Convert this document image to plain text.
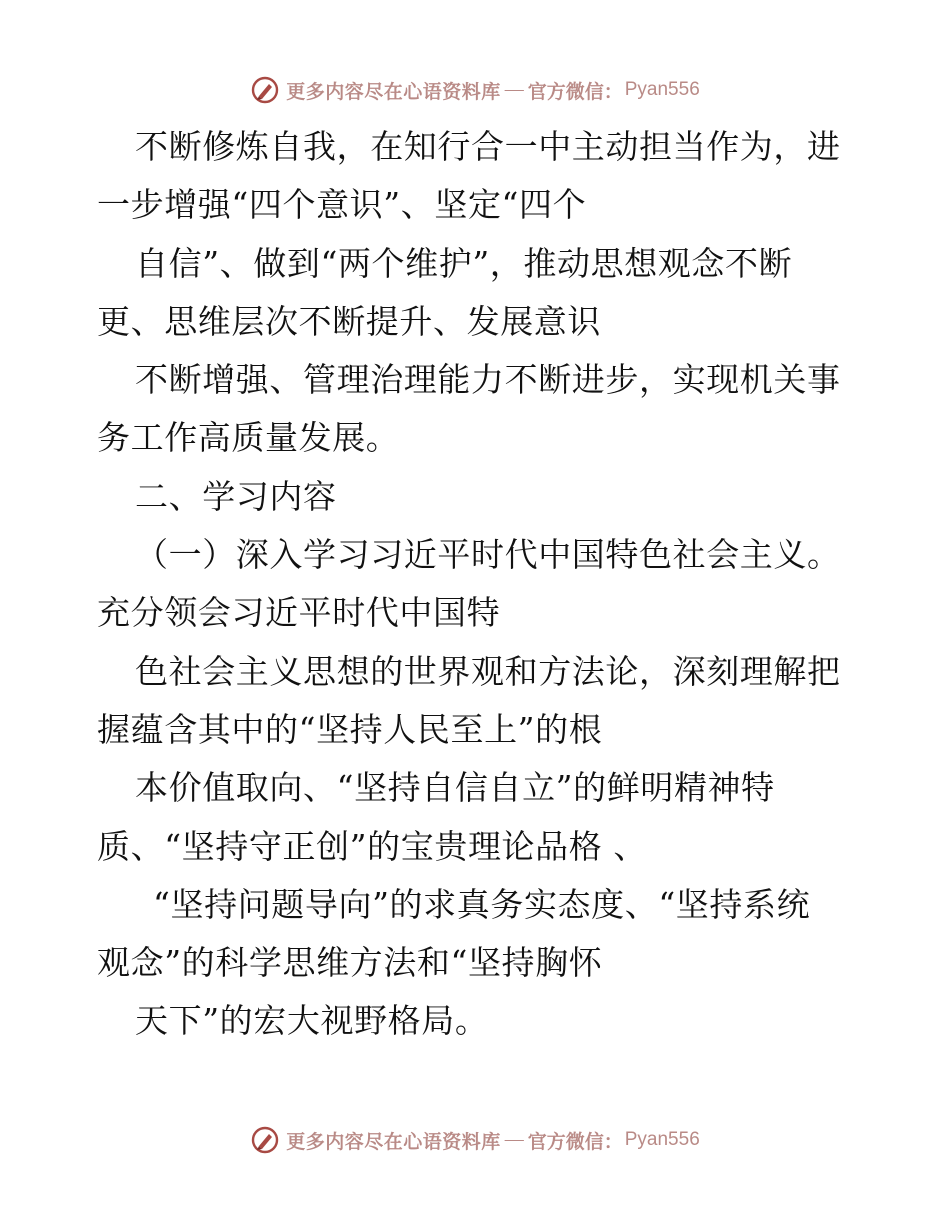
更多内容尽在心语资料库 — 官方微信： Pyan556
不断修炼自我，在知行合一中主动担当作为，进
一步增强“四个意识”、坚定“四个
自信”、做到“两个维护”，推动思想观念不断
更、思维层次不断提升、发展意识
不断增强、管理治理能力不断进步，实现机关事
务工作高质量发展。
二、学习内容
（一）深入学习习近平时代中国特色社会主义。
充分领会习近平时代中国特
色社会主义思想的世界观和方法论，深刻理解把
握蕴含其中的“坚持人民至上”的根
本价值取向、“坚持自信自立”的鲜明精神特
质、“坚持守正创”的宝贵理论品格 、
“坚持问题导向”的求真务实态度、“坚持系统
观念”的科学思维方法和“坚持胸怀
天下”的宏大视野格局。
更多内容尽在心语资料库 — 官方微信： Pyan556
